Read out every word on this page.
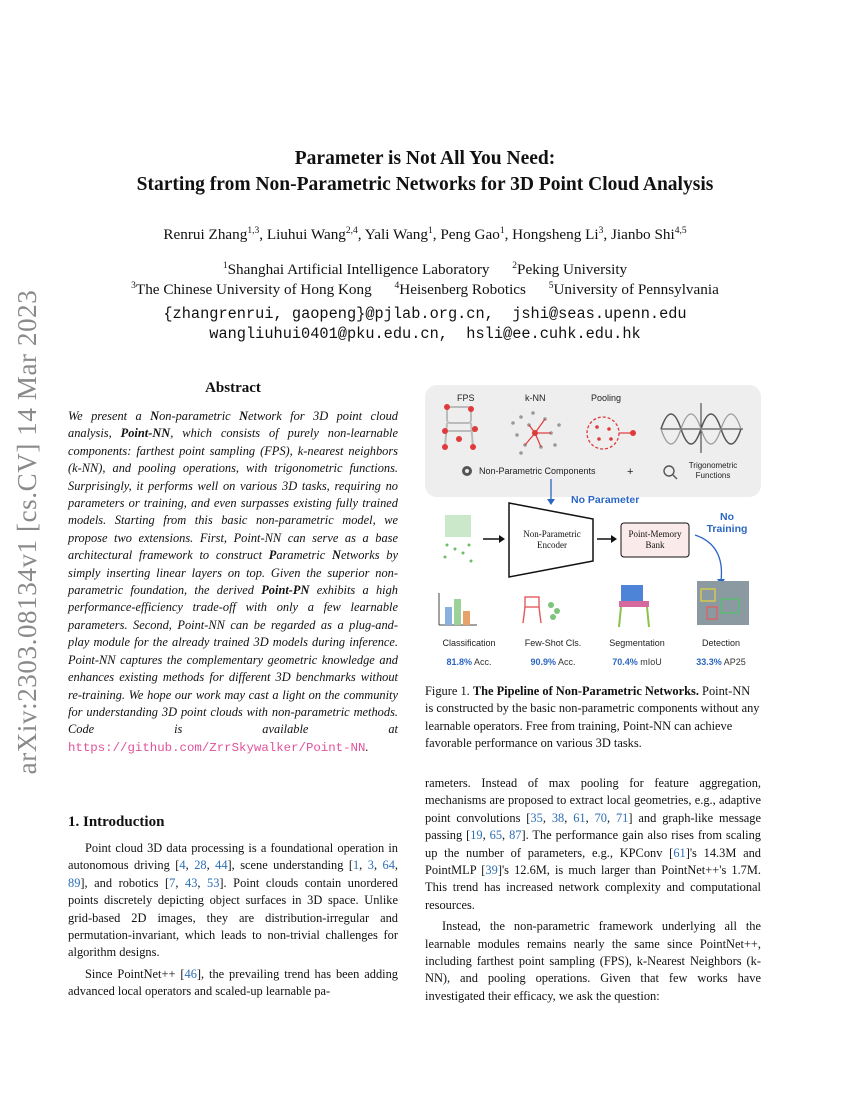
arXiv:2303.08134v1 [cs.CV] 14 Mar 2023
Parameter is Not All You Need:
Starting from Non-Parametric Networks for 3D Point Cloud Analysis
Renrui Zhang$^{1,3}$, Liuhui Wang$^{2,4}$, Yali Wang$^1$, Peng Gao$^1$, Hongsheng Li$^3$, Jianbo Shi$^{4,5}$
$^1$Shanghai Artificial Intelligence Laboratory $^2$Peking University
$^3$The Chinese University of Hong Kong $^4$Heisenberg Robotics $^5$University of Pennsylvania
{zhangrenrui, gaopeng}@pjlab.org.cn,  jshi@seas.upenn.edu
wangliuhui0401@pku.edu.cn,  hsli@ee.cuhk.edu.hk
Abstract
We present a Non-parametric Network for 3D point cloud analysis, Point-NN, which consists of purely non-learnable components: farthest point sampling (FPS), k-nearest neighbors (k-NN), and pooling operations, with trigonometric functions. Surprisingly, it performs well on various 3D tasks, requiring no parameters or training, and even surpasses existing fully trained models. Starting from this basic non-parametric model, we propose two extensions. First, Point-NN can serve as a base architectural framework to construct Parametric Networks by simply inserting linear layers on top. Given the superior non-parametric foundation, the derived Point-PN exhibits a high performance-efficiency trade-off with only a few learnable parameters. Second, Point-NN can be regarded as a plug-and-play module for the already trained 3D models during inference. Point-NN captures the complementary geometric knowledge and enhances existing methods for different 3D benchmarks without re-training. We hope our work may cast a light on the community for understanding 3D point clouds with non-parametric methods. Code is available at https://github.com/ZrrSkywalker/Point-NN.
1. Introduction

Point cloud 3D data processing is a foundational operation in autonomous driving [4, 28, 44], scene understanding [1, 3, 64, 89], and robotics [7, 43, 53]. Point clouds contain unordered points discretely depicting object surfaces in 3D space. Unlike grid-based 2D images, they are distribution-irregular and permutation-invariant, which leads to non-trivial challenges for algorithm designs.

Since PointNet++ [46], the prevailing trend has been adding advanced local operators and scaled-up learnable pa-

rameters. Instead of max pooling for feature aggregation, mechanisms are proposed to extract local geometries, e.g., adaptive point convolutions [35, 38, 61, 70, 71] and graph-like message passing [19, 65, 87]. The performance gain also rises from scaling up the number of parameters, e.g., KPConv [61]'s 14.3M and PointMLP [39]'s 12.6M, is much larger than PointNet++'s 1.7M. This trend has increased network complexity and computational resources.

Instead, the non-parametric framework underlying all the learnable modules remains nearly the same since PointNet++, including farthest point sampling (FPS), k-Nearest Neighbors (k-NN), and pooling operations. Given that few works have investigated their efficacy, we ask the question:

FPS	k-NN	Pooling
Non-Parametric Components	+
Trigonometric
Functions
No Parameter
Non-Parametric
Encoder
Point-Memory
Bank
No
Training
Classification	Few-Shot Cls.	Segmentation	Detection
81.8% Acc.	90.9% Acc.	70.4% mIoU	33.3% AP25
Figure 1. The Pipeline of Non-Parametric Networks. Point-NN is constructed by the basic non-parametric components without any learnable operators. Free from training, Point-NN can achieve favorable performance on various 3D tasks.
